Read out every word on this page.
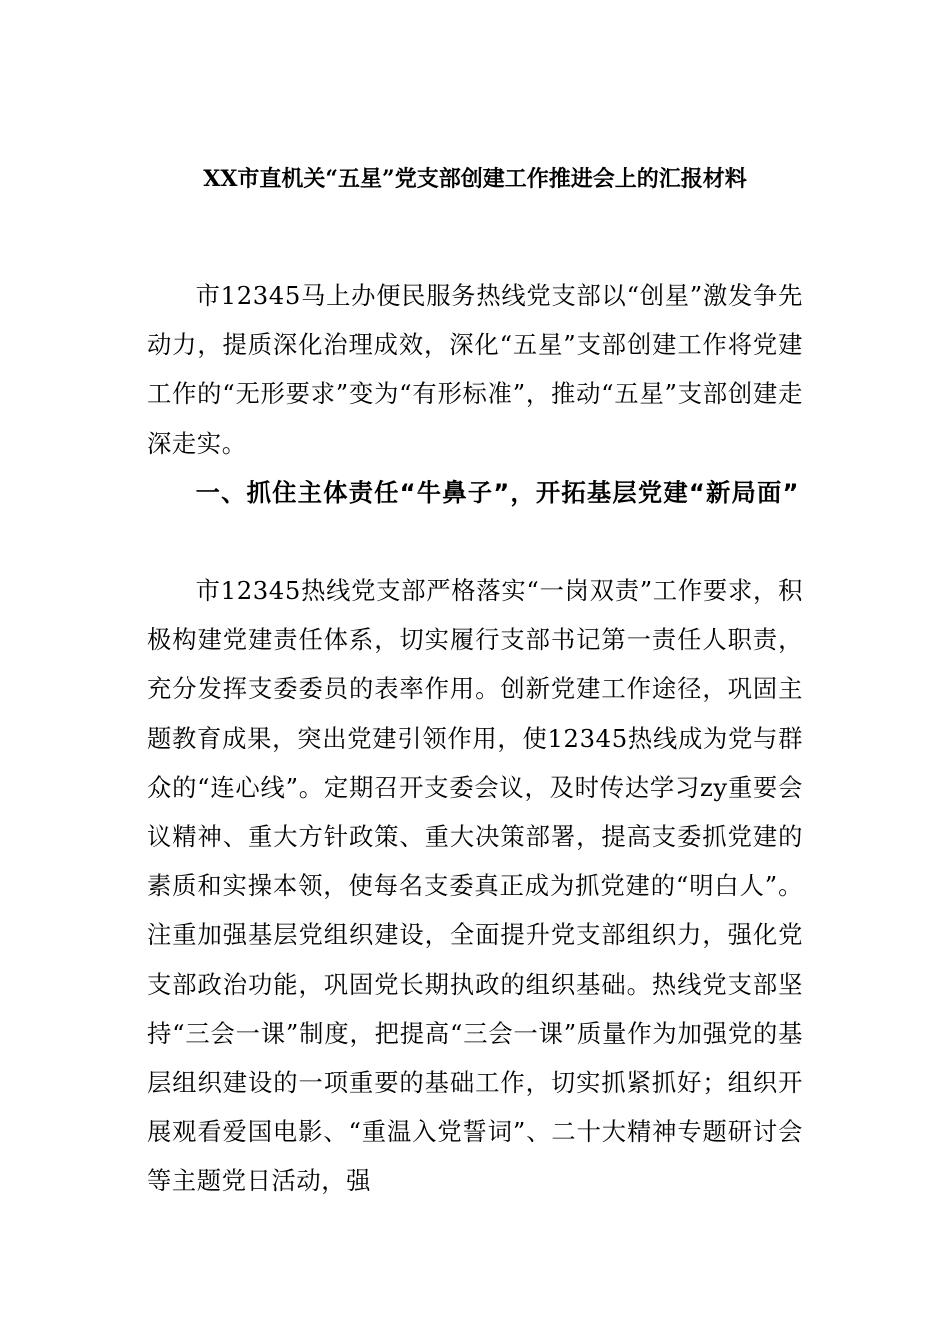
XX市直机关“五星”党支部创建工作推进会上的汇报材料
市12345马上办便民服务热线党支部以“创星”激发争先动力，提质深化治理成效，深化“五星”支部创建工作将党建工作的“无形要求”变为“有形标准”，推动“五星”支部创建走深走实。
一、抓住主体责任“牛鼻子”，开拓基层党建“新局面”
市12345热线党支部严格落实“一岗双责”工作要求，积极构建党建责任体系，切实履行支部书记第一责任人职责，充分发挥支委委员的表率作用。创新党建工作途径，巩固主题教育成果，突出党建引领作用，使12345热线成为党与群众的“连心线”。定期召开支委会议，及时传达学习zy重要会议精神、重大方针政策、重大决策部署，提高支委抓党建的素质和实操本领，使每名支委真正成为抓党建的“明白人”。注重加强基层党组织建设，全面提升党支部组织力，强化党支部政治功能，巩固党长期执政的组织基础。热线党支部坚持“三会一课”制度，把提高“三会一课”质量作为加强党的基层组织建设的一项重要的基础工作，切实抓紧抓好；组织开展观看爱国电影、“重温入党誓词”、二十大精神专题研讨会等主题党日活动，强
